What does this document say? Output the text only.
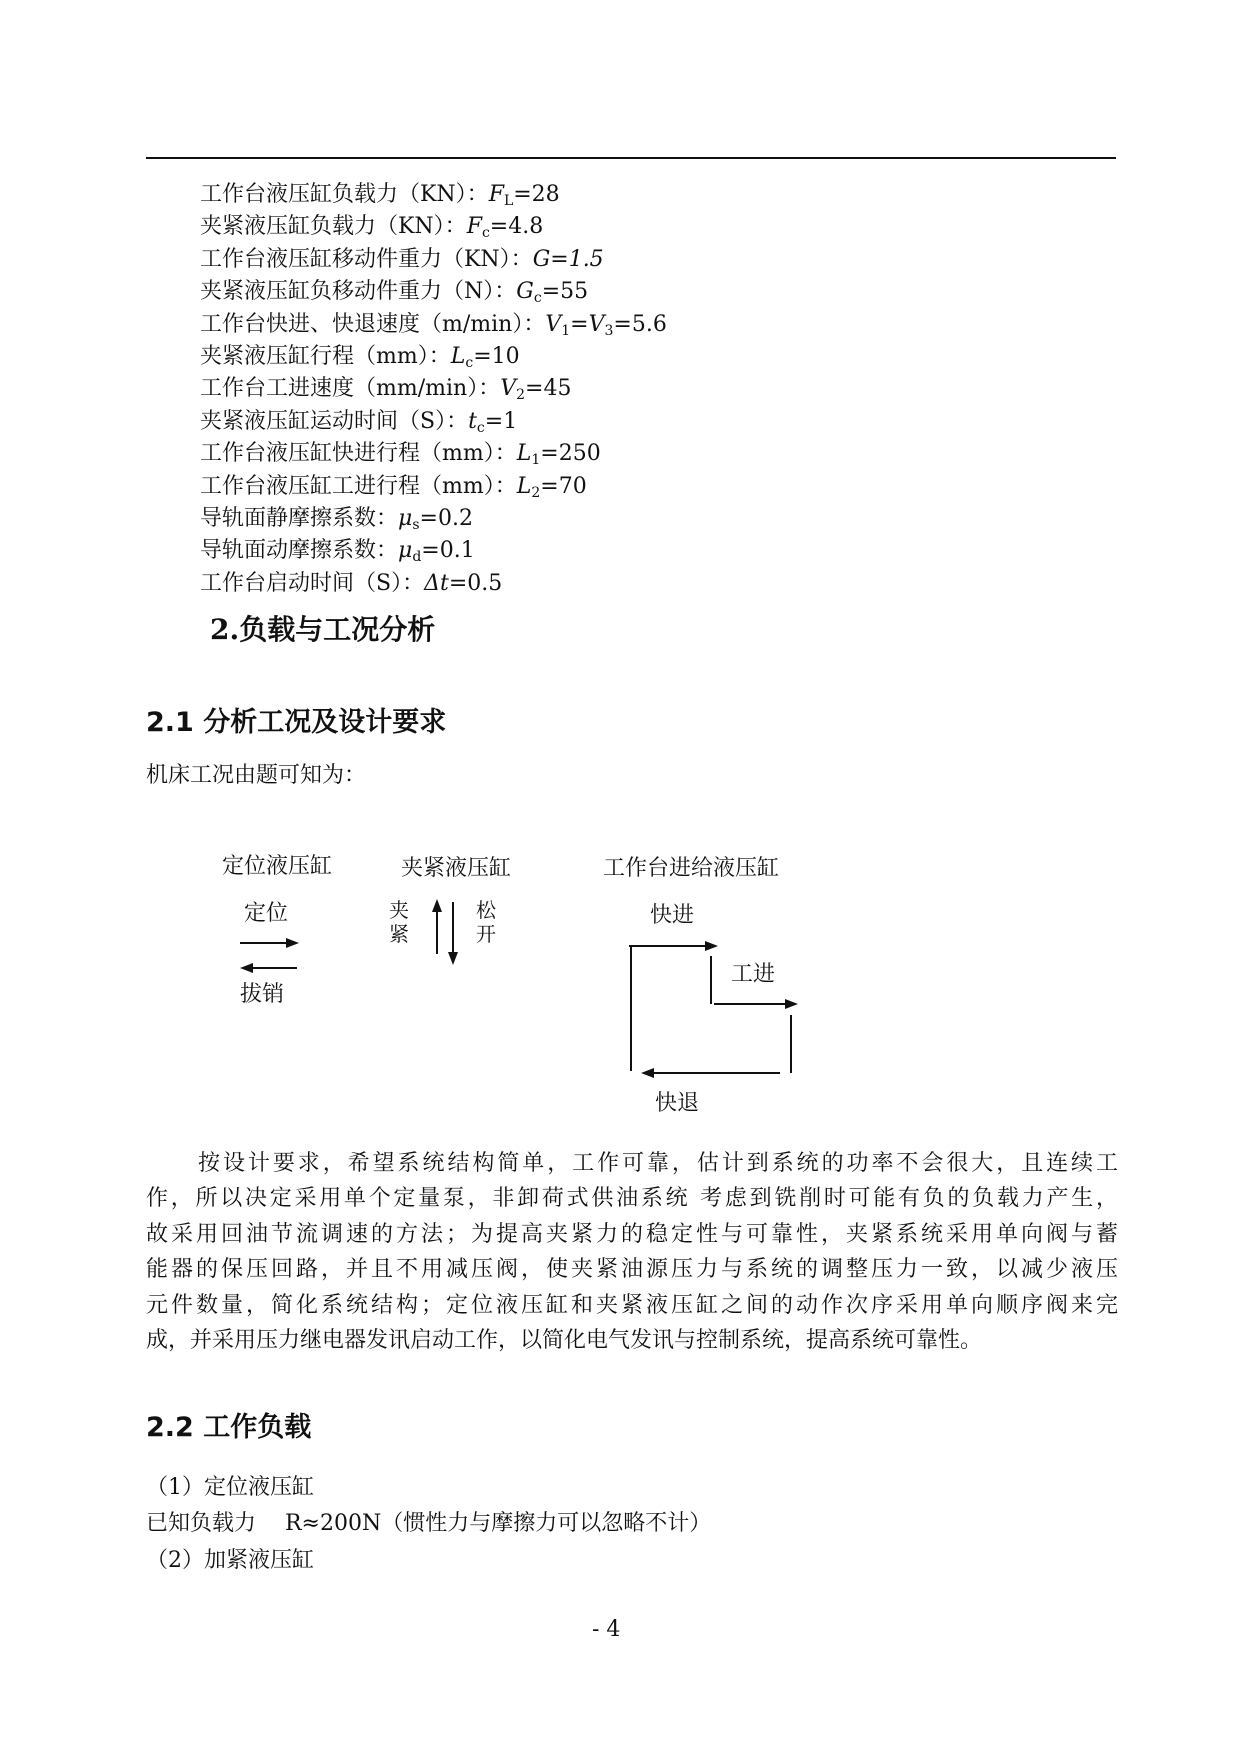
工作台液压缸负载力（KN）：$F_L=28$
夹紧液压缸负载力（KN）：$F_c=4.8$
工作台液压缸移动件重力（KN）：G=1.5
夹紧液压缸负移动件重力（N）：$G_c=55$
工作台快进、快退速度（m/min）：$V_1=V_3=5.6$
夹紧液压缸行程（mm）：$L_c=10$
工作台工进速度（mm/min）：$V_2=45$
夹紧液压缸运动时间（S）：$t_c=1$
工作台液压缸快进行程（mm）：$L_1=250$
工作台液压缸工进行程（mm）：$L_2=70$
导轨面静摩擦系数：$\mu_s=0.2$
导轨面动摩擦系数：$\mu_d=0.1$
工作台启动时间（S）：Δt=0.5
2.负载与工况分析
2.1 分析工况及设计要求

机床工况由题可知为：

定位液压缸
定位
拔销
夹紧液压缸
夹紧
松开
工作台进给液压缸
快进
工进
快退
按设计要求，希望系统结构简单，工作可靠，估计到系统的功率不会很大，且连续工
作，所以决定采用单个定量泵，非卸荷式供油系统 考虑到铣削时可能有负的负载力产生，
故采用回油节流调速的方法；为提高夹紧力的稳定性与可靠性，夹紧系统采用单向阀与蓄
能器的保压回路，并且不用减压阀，使夹紧油源压力与系统的调整压力一致，以减少液压
元件数量，简化系统结构；定位液压缸和夹紧液压缸之间的动作次序采用单向顺序阀来完
成，并采用压力继电器发讯启动工作，以简化电气发讯与控制系统，提高系统可靠性。
2.2 工作负载

（1）定位液压缸

已知负载力　 R≈200N（惯性力与摩擦力可以忽略不计）

（2）加紧液压缸

- 4
